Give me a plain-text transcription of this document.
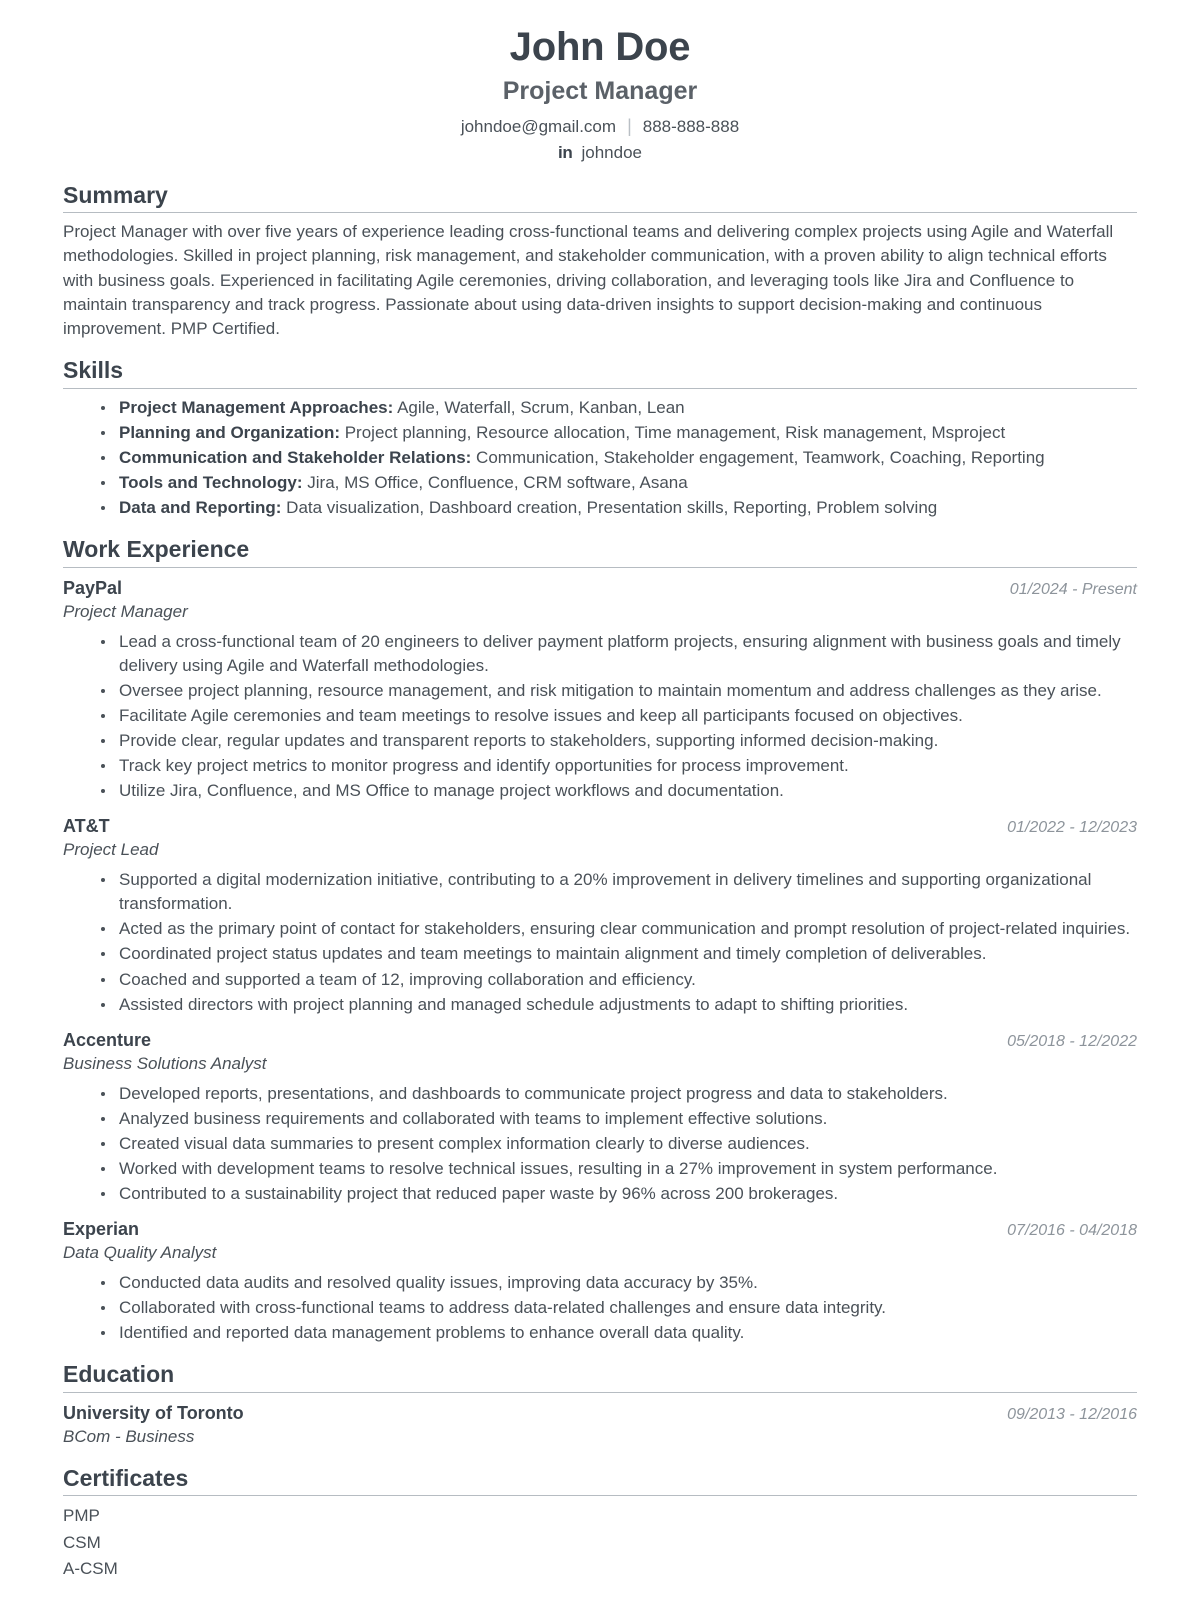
John Doe
Project Manager
johndoe@gmail.com | 888-888-888
in johndoe
Summary

Project Manager with over five years of experience leading cross-functional teams and delivering complex projects using Agile and Waterfall methodologies. Skilled in project planning, risk management, and stakeholder communication, with a proven ability to align technical efforts with business goals. Experienced in facilitating Agile ceremonies, driving collaboration, and leveraging tools like Jira and Confluence to maintain transparency and track progress. Passionate about using data-driven insights to support decision-making and continuous improvement. PMP Certified.

Skills
Project Management Approaches: Agile, Waterfall, Scrum, Kanban, Lean
Planning and Organization: Project planning, Resource allocation, Time management, Risk management, Msproject
Communication and Stakeholder Relations: Communication, Stakeholder engagement, Teamwork, Coaching, Reporting
Tools and Technology: Jira, MS Office, Confluence, CRM software, Asana
Data and Reporting: Data visualization, Dashboard creation, Presentation skills, Reporting, Problem solving
Work Experience
PayPal	01/2024 - Present
Project Manager
Lead a cross-functional team of 20 engineers to deliver payment platform projects, ensuring alignment with business goals and timely delivery using Agile and Waterfall methodologies.
Oversee project planning, resource management, and risk mitigation to maintain momentum and address challenges as they arise.
Facilitate Agile ceremonies and team meetings to resolve issues and keep all participants focused on objectives.
Provide clear, regular updates and transparent reports to stakeholders, supporting informed decision-making.
Track key project metrics to monitor progress and identify opportunities for process improvement.
Utilize Jira, Confluence, and MS Office to manage project workflows and documentation.
AT&T	01/2022 - 12/2023
Project Lead
Supported a digital modernization initiative, contributing to a 20% improvement in delivery timelines and supporting organizational transformation.
Acted as the primary point of contact for stakeholders, ensuring clear communication and prompt resolution of project-related inquiries.
Coordinated project status updates and team meetings to maintain alignment and timely completion of deliverables.
Coached and supported a team of 12, improving collaboration and efficiency.
Assisted directors with project planning and managed schedule adjustments to adapt to shifting priorities.
Accenture	05/2018 - 12/2022
Business Solutions Analyst
Developed reports, presentations, and dashboards to communicate project progress and data to stakeholders.
Analyzed business requirements and collaborated with teams to implement effective solutions.
Created visual data summaries to present complex information clearly to diverse audiences.
Worked with development teams to resolve technical issues, resulting in a 27% improvement in system performance.
Contributed to a sustainability project that reduced paper waste by 96% across 200 brokerages.
Experian	07/2016 - 04/2018
Data Quality Analyst
Conducted data audits and resolved quality issues, improving data accuracy by 35%.
Collaborated with cross-functional teams to address data-related challenges and ensure data integrity.
Identified and reported data management problems to enhance overall data quality.
Education
University of Toronto	09/2013 - 12/2016
BCom - Business
Certificates
PMP
CSM
A-CSM
